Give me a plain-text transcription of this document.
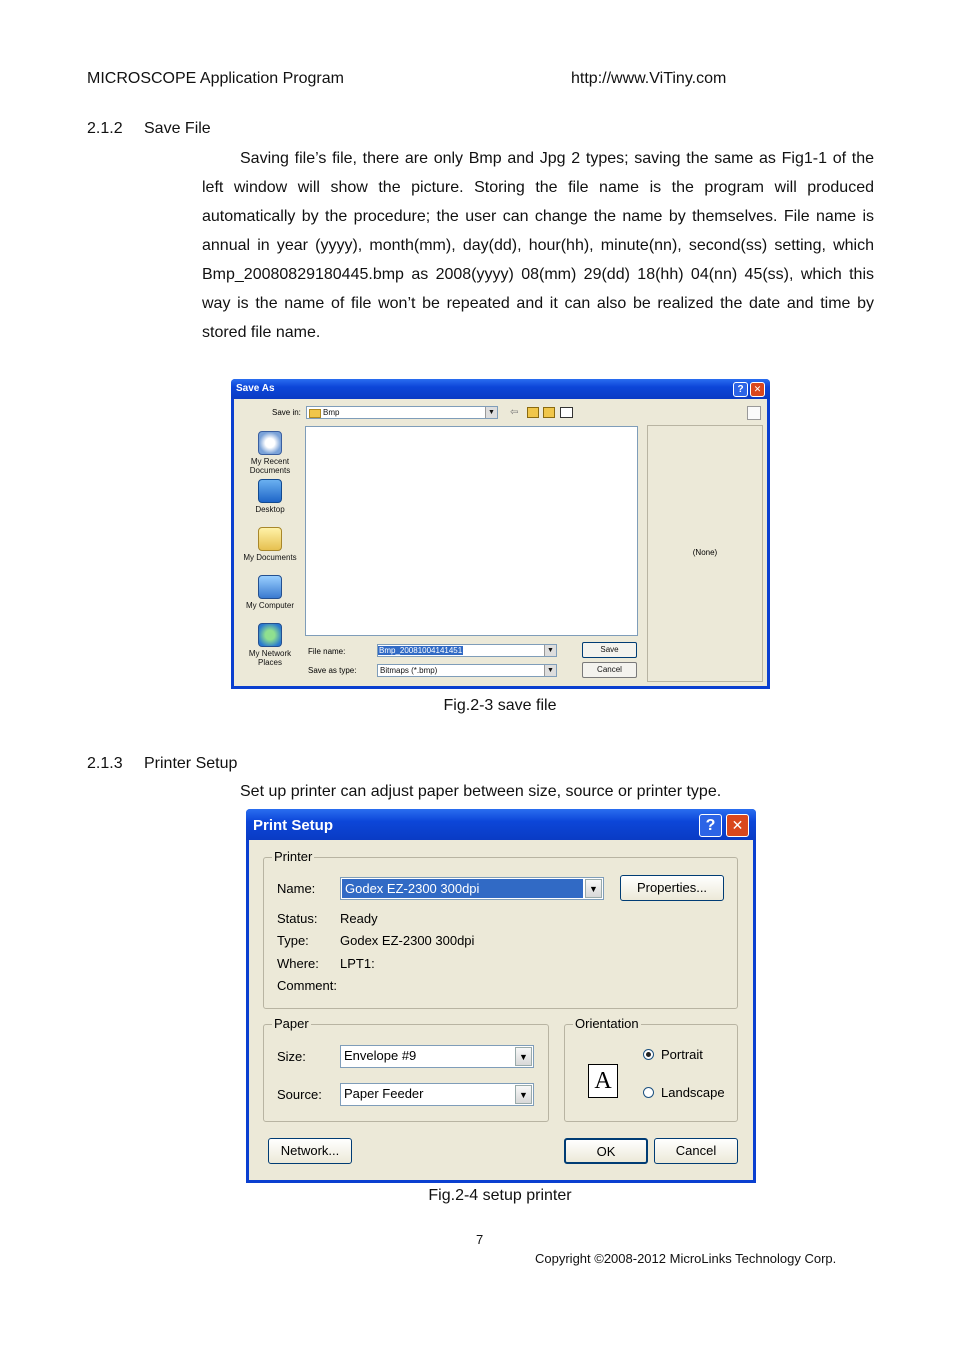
MICROSCOPE Application Program	http://www.ViTiny.com
2.1.2 Save File

Saving file’s file, there are only Bmp and Jpg 2 types; saving the same as Fig1-1 of the left window will show the picture. Storing the file name is the program will produced automatically by the procedure; the user can change the name by themselves. File name is annual in year (yyyy), month(mm), day(dd), hour(hh), minute(nn), second(ss) setting, which Bmp_20080829180445.bmp as 2008(yyyy) 08(mm) 29(dd) 18(hh) 04(nn) 45(ss), which this way is the name of file won’t be repeated and it can also be realized the date and time by stored file name.

Save As	?	✕
Save in:	Bmp	▼ ⇦
My Recent Documents
Desktop
My Documents
My Computer
My Network Places
(None)
File name:	Bmp_20081004141451	▼
Save as type:	Bitmaps (*.bmp)	▼
Save
Cancel
Fig.2-3 save file
2.1.3 Printer Setup
Set up printer can adjust paper between size, source or printer type.
Print Setup	?	✕
Printer
Name:	Godex EZ-2300 300dpi	▼	Properties...
Status: Ready
Type: Godex EZ-2300 300dpi
Where: LPT1:
Comment:
Paper
Size:	Envelope #9	▼
Source:	Paper Feeder	▼
Orientation
A
Portrait
Landscape
Network...	OK	Cancel
Fig.2-4 setup printer
7
Copyright ©2008-2012 MicroLinks Technology Corp.
